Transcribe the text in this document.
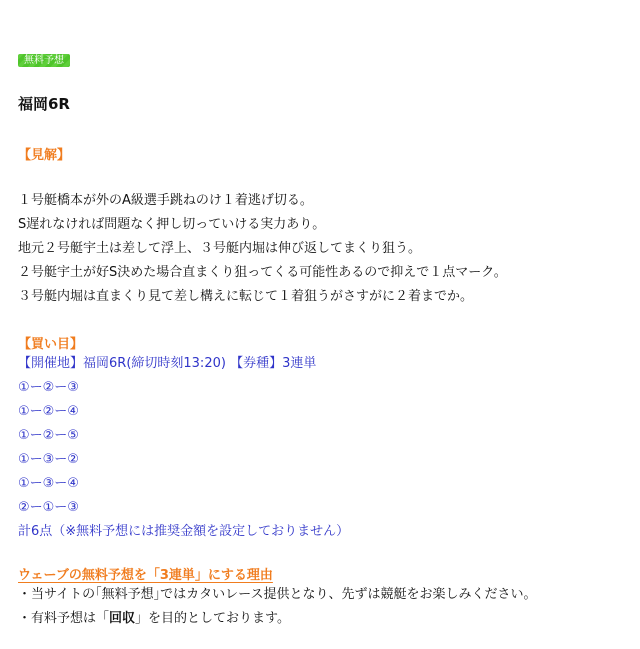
無料予想
福岡6R
【見解】
１号艇橋本が外のA級選手跳ねのけ１着逃げ切る。
S遅れなければ問題なく押し切っていける実力あり。
地元２号艇宇土は差して浮上、３号艇内堀は伸び返してまくり狙う。
２号艇宇土が好S決めた場合直まくり狙ってくる可能性あるので抑えで１点マーク。
３号艇内堀は直まくり見て差し構えに転じて１着狙うがさすがに２着までか。
【買い目】
【開催地】福岡6R(締切時刻13:20) 【券種】3連単
①ー②ー③
①ー②ー④
①ー②ー⑤
①ー③ー②
①ー③ー④
②ー①ー③
計6点（※無料予想には推奨金額を設定しておりません）
ウェーブの無料予想を「3連単」にする理由
・当サイトの｢無料予想｣ではカタいレース提供となり、先ずは競艇をお楽しみください。
・有料予想は「回収」を目的としております。
